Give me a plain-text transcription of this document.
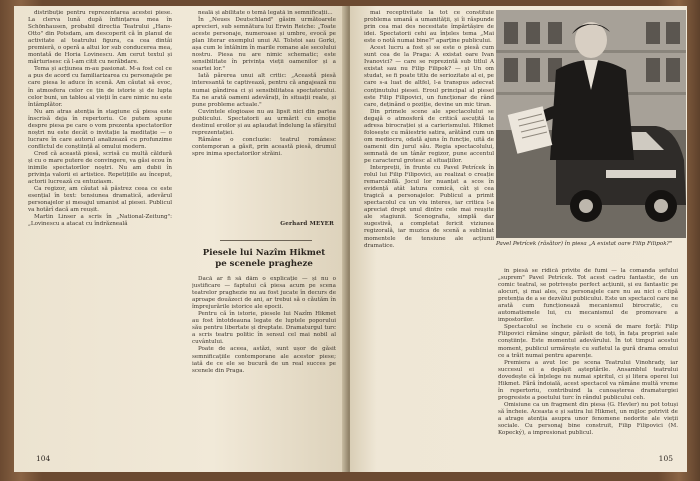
distribuție pentru reprezentarea acestei piese. La clerva lună după înființarea mea în Schönhausen, probabil directia Teatrului „Hans-Otto" din Potsdam, am descoperit că în planul de activitate al teatrului figura, ca cea dintâi premieră, o operă a altui lor sub conducerea mea, montată de Horia Lovinescu. Am cerut textul și mărturisesc că l-am citit cu nerăbdare.

Tema și acțiunea m-au pasionat. M-a fost cel ce a pus de acord cu familiarizarea cu personajele pe care piesa le aduce în scenă. Am căutat să evoc, în atmosfera celor ce țin de istorie și de lupta celor buni, un tablou al vieții în care nimic nu este întâmplător.

Nu am atras atenția în stagiune că piesa este înscrisă deja în repertoriu. Ce putem spune despre piesa pe care o vom prezenta spectatorilor noștri nu este decât o invitație la meditație — o lucrare în care autorul analizează cu profunzime conflictul de conștiință al omului modern.

Cred că această piesă, scrisă cu multă căldură și cu o mare putere de convingere, va găsi ecou în inimile spectatorilor noștri. Nu am dubii în privința valorii ei artistice. Repetițiile au început, actorii lucrează cu entuziasm.

Ca regizor, am căutat să păstrez ceea ce este esențial în text: tensiunea dramatică, adevărul personajelor și mesajul umanist al piesei. Publicul va hotărî dacă am reușit.

Martin Linser a scris în „National-Zeitung": „Lovinescu a atacat cu îndrăzneală

nealã și abilitate o temă legată în semnificații...

În „Neues Deutschland" găsim următoarele aprecieri, sub semnătura lui Erwin Reiche: „Toate aceste personaje, numeroase și umbre, evocă pe plan literar exemplul unui Al. Tolstoi sau Gorki, așa cum le întâlnim în marile romane ale secolului nostru. Piesa nu are nimic schematic; este sensibilitate în privința vieții oamenilor și a soartei lor."

Iată părerea unui alt critic: „Această piesă interesantă te captivează, pentru că angajează nu numai gândirea ci și sensibilitatea spectatorului. Ea ne arată oameni adevărați, în situații reale, și pune probleme actuale."

Cuvintele elogioase nu au lipsit nici din partea publicului. Spectatorii au urmărit cu emoție destinul eroilor și au aplaudat îndelung la sfârșitul reprezentației.

Rămâne o concluzie: teatrul românesc contemporan a găsit, prin această piesă, drumul spre inima spectatorilor străini.

Gerhard MEYER
Piesele lui Nazîm Hikmet
pe scenele pragheze

Dacă ar fi să dăm o explicație — și nu o justificare — faptului că piesa acum pe scena teatrelor praghezie nu au fost jucate în decurs de aproape douăzeci de ani, ar trebui să o căutăm în împrejurările istorice ale epocii.

Pentru că în istorie, piesele lui Nazîm Hikmet au fost întotdeauna legate de luptele poporului său pentru libertate și dreptate. Dramaturgul turc a scris teatru politic în sensul cel mai nobil al cuvântului.

Poate de aceea, astăzi, sunt ușor de găsit semnificațiile contemporane ale acestor piese; iată de ce ele se bucură de un real succes pe scenele din Praga.

104

mai receptivitate la tot ce constituie problema umană a umanității, și îi răspunde prin cea mai des necesitate împărtășire de idei. Spectatorii cehi au înțeles tema „Mai este o notă numai bine?" aparține publicului.

Acest lucru a fost și se este o piesă cum sunt cea de la Praga: A existat oare Ivan Ivanovici? — care se reprezintă sub titlul A existat sau nu Filip Filipok? — și Un om studat, se fi poate titlu de seriozitate al ei, pe care s-a luat de altfel, l-a transpus adecvat conținutului piesei. Eroul principal al piesei este Filip Filipovici, un funcționar de rând care, deținând o poziție, devine un mic tiran.

Din primele scene ale spectacolului se degajă o atmosferă de critică ascuțită la adresa birocrației și a carierismului. Hikmet folosește cu măiestrie satira, arătând cum un om mediocru, odată ajuns în funcție, uită de oamenii din jurul său. Regia spectacolului, semnată de un tânăr regizor, pune accentul pe caracterul grotesc al situațiilor.

Interpreții, în frunte cu Pavel Petrícek în rolul lui Filip Filipovici, au realizat o creație remarcabilă. Jocul lor nuanțat a scos în evidență atât latura comică, cât și cea tragică a personajelor. Publicul a primit spectacolul cu un viu interes, iar critica l-a apreciat drept unul dintre cele mai reușite ale stagiunii. Scenografia, simplă dar sugestivă, a completat fericit viziunea regizorală, iar muzica de scenă a subliniat momentele de tensiune ale acțiunii dramatice.

în piesă se ridică privite de fumi — la comanda șefului „suprem" Pavel Petrícek. Tot acest cadru fantastic, de un comic teatral, se potrivește perfect acțiunii, și eu fantastic pe alocuri, și mai ales, cu personajele care nu au nici o clipă pretenția de a se dezvălui publicului. Este un spectacol care ne arată cum funcționează mecanismul birocratic, cu automatismele lui, cu mecanismul de promovare a impostorilor.

Spectacolul se încheie cu o scenă de mare forță: Filip Filipovici rămâne singur, părăsit de toți, în fața propriei sale conștiințe. Este momentul adevărului. În tot timpul acestui moment, publicul urmărește cu sufletul la gură drama omului ce a trăit numai pentru aparențe.

Premiera a avut loc pe scena Teatrului Vinohrady, iar succesul ei a depășit așteptările. Ansamblul teatrului dovedește că înțelege nu numai spiritul, ci și litera operei lui Hikmet. Fără îndoială, acest spectacol va rămâne multă vreme în repertoriu, contribuind la cunoașterea dramaturgiei progresiste a poetului turc în rândul publicului ceh.

Omisiune ca un fragment din piesa (G. Hevler) nu pot totuși să încheie. Aceasta e și satira lui Hikmet, un mijloc potrivit de a atrage atenția asupra unor fenomene nedorite ale vieții sociale. Cu personaj bine construit, Filip Filipovici (M. Kopecký), a impresionat publicul.

105
Pavel Petrícek (râsător) în piesa „A existat oare Filip Filipok?"
